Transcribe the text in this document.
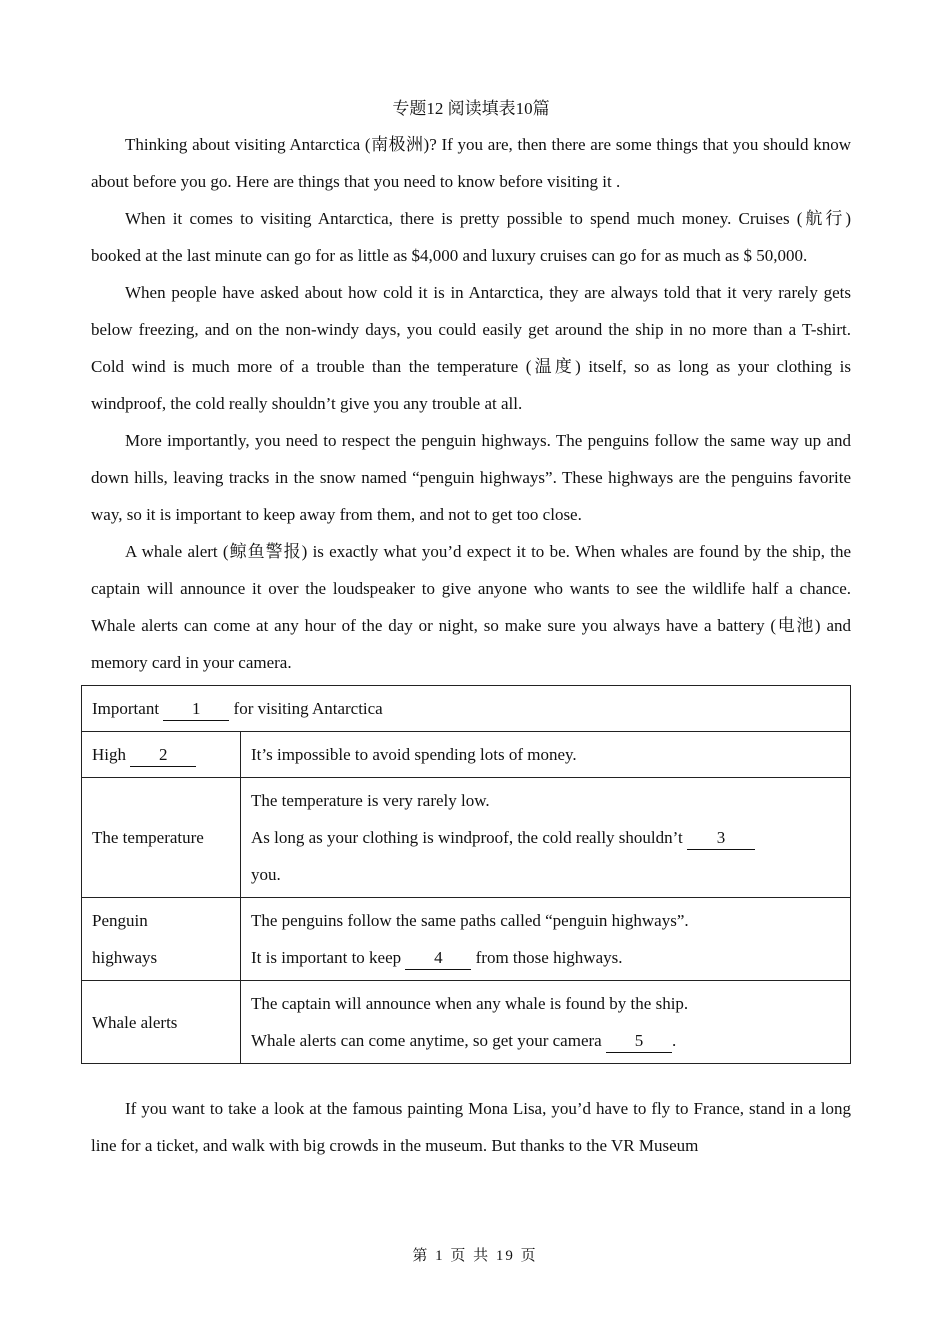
专题12 阅读填表10篇

Thinking about visiting Antarctica (南极洲)? If you are, then there are some things that you should know about before you go. Here are things that you need to know before visiting it .

When it comes to visiting Antarctica, there is pretty possible to spend much money. Cruises (航行) booked at the last minute can go for as little as $4,000 and luxury cruises can go for as much as $ 50,000.

When people have asked about how cold it is in Antarctica, they are always told that it very rarely gets below freezing, and on the non-windy days, you could easily get around the ship in no more than a T-shirt. Cold wind is much more of a trouble than the temperature (温度) itself, so as long as your clothing is windproof, the cold really shouldn’t give you any trouble at all.

More importantly, you need to respect the penguin highways. The penguins follow the same way up and down hills, leaving tracks in the snow named “penguin highways”. These highways are the penguins favorite way, so it is important to keep away from them, and not to get too close.

A whale alert (鲸鱼警报) is exactly what you’d expect it to be. When whales are found by the ship, the captain will announce it over the loudspeaker to give anyone who wants to see the wildlife half a chance. Whale alerts can come at any hour of the day or night, so make sure you always have a battery (电池) and memory card in your camera.

Important 1 for visiting Antarctica	
High 2	It’s impossible to avoid spending lots of money.
The temperature	The temperature is very rarely low.
As long as your clothing is windproof, the cold really shouldn’t 3
you.

Penguin
highways	The penguins follow the same paths called “penguin highways”.
It is important to keep 4 from those highways.

Whale alerts	The captain will announce when any whale is found by the ship.
Whale alerts can come anytime, so get your camera 5 .

If you want to take a look at the famous painting Mona Lisa, you’d have to fly to France, stand in a long line for a ticket, and walk with big crowds in the museum. But thanks to the VR Museum

第 1 页 共 19 页
